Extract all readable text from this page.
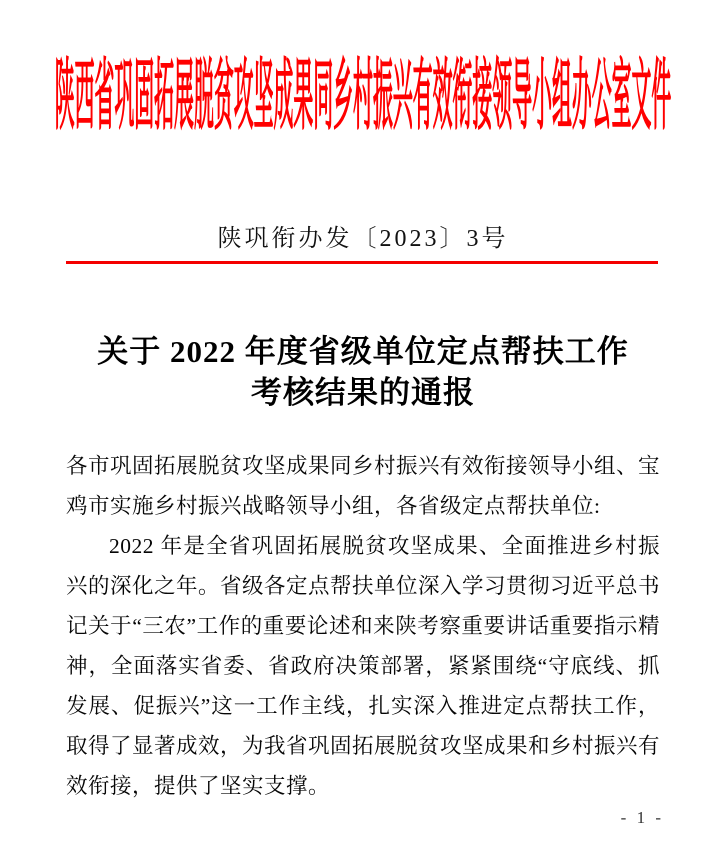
陕西省巩固拓展脱贫攻坚成果同乡村振兴有效衔接领导小组办公室文件
陕巩衔办发〔2023〕3号
关于 2022 年度省级单位定点帮扶工作
考核结果的通报

各市巩固拓展脱贫攻坚成果同乡村振兴有效衔接领导小组、宝鸡市实施乡村振兴战略领导小组，各省级定点帮扶单位:

2022 年是全省巩固拓展脱贫攻坚成果、全面推进乡村振兴的深化之年。省级各定点帮扶单位深入学习贯彻习近平总书记关于“三农”工作的重要论述和来陕考察重要讲话重要指示精神，全面落实省委、省政府决策部署，紧紧围绕“守底线、抓发展、促振兴”这一工作主线，扎实深入推进定点帮扶工作，取得了显著成效，为我省巩固拓展脱贫攻坚成果和乡村振兴有效衔接，提供了坚实支撑。

- 1 -
